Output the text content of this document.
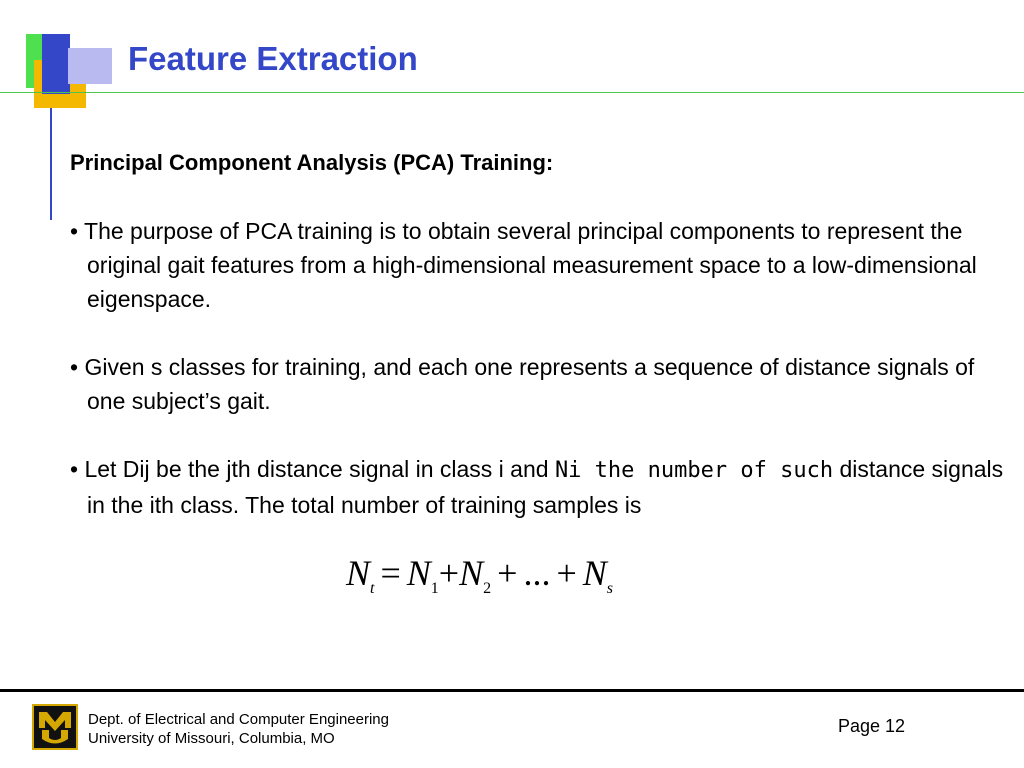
Feature Extraction

Principal Component Analysis (PCA) Training:

• The purpose of PCA training is to obtain several principal components to represent the original gait features from a high-dimensional measurement space to a low-dimensional eigenspace.

• Given s classes for training, and each one represents a sequence of distance signals of one subject’s gait.

• Let Dij be the jth distance signal in class i and Ni the number of such distance signals in the ith class. The total number of training samples is

$N_t = N_1+N_2$ + ... + $N_s$
Dept. of Electrical and Computer Engineering
University of Missouri, Columbia, MO
Page 12
